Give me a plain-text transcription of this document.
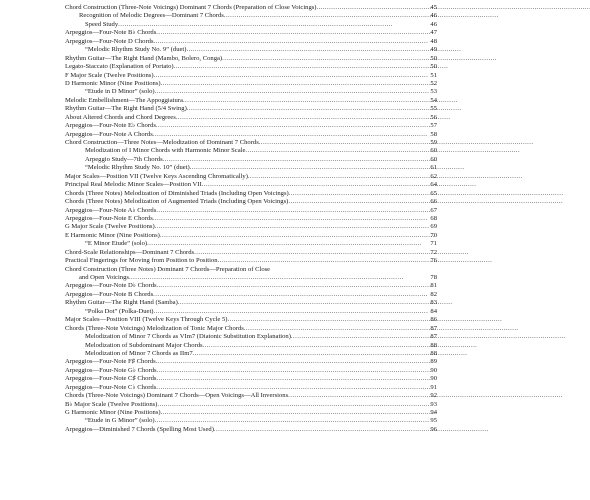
Chord Construction (Three-Note Voicings) Dominant 7 Chords (Preparation of Close Voicings) . . .	45
Recognition of Melodic Degrees—Dominant 7 Chords . . .	46
Speed Study . . .	46
Arpeggios—Four-Note B♭ Chords . . .	47
Arpeggios—Four-Note D Chords . . .	48
“Melodic Rhythm Study No. 9” (duet) . . .	49
Rhythm Guitar—The Right Hand (Mambo, Bolero, Conga) . . .	50
Legato-Staccato (Explanation of Portato) . . .	50
F Major Scale (Twelve Positions) . . .	51
D Harmonic Minor (Nine Positions) . . .	52
“Etude in D Minor” (solo) . . .	53
Melodic Embellishment—The Appoggiatura . . .	54
Rhythm Guitar—The Right Hand (5/4 Swing) . . .	55
About Altered Chords and Chord Degrees . . .	56
Arpeggios—Four-Note E♭ Chords . . .	57
Arpeggios—Four-Note A Chords . . .	58
Chord Construction—Three Notes—Melodization of Dominant 7 Chords . . .	59
Melodization of I Minor Chords with Harmonic Minor Scale . . .	60
Arpeggio Study—7th Chords . . .	60
“Melodic Rhythm Study No. 10” (duet) . . .	61
Major Scales—Position VII (Twelve Keys Ascending Chromatically) . . .	62
Principal Real Melodic Minor Scales—Position VII . . .	64
Chords (Three Notes) Melodization of Diminished Triads (Including Open Voicings) . . .	65
Chords (Three Notes) Melodization of Augmented Triads (Including Open Voicings) . . .	66
Arpeggios—Four-Note A♭ Chords . . .	67
Arpeggios—Four-Note E Chords . . .	68
G Major Scale (Twelve Positions) . . .	69
E Harmonic Minor (Nine Positions) . . .	70
“E Minor Etude” (solo) . . .	71
Chord-Scale Relationships—Dominant 7 Chords . . .	72
Practical Fingerings for Moving from Position to Position . . .	76
Chord Construction (Three Notes) Dominant 7 Chords—Preparation of Close
and Open Voicings . . .	78
Arpeggios—Four-Note D♭ Chords . . .	81
Arpeggios—Four-Note B Chords . . .	82
Rhythm Guitar—The Right Hand (Samba) . . .	83
“Polka Dot” (Polka-Duet) . . .	84
Major Scales—Position VIII (Twelve Keys Through Cycle 5) . . .	86
Chords (Three-Note Voicings) Melodization of Tonic Major Chords . . .	87
Melodization of Minor 7 Chords as VIm7 (Diatonic Substitution Explanation) . . .	87
Melodization of Subdominant Major Chords . . .	88
Melodization of Minor 7 Chords as IIm7 . . .	88
Arpeggios—Four-Note F♯ Chords . . .	89
Arpeggios—Four-Note G♭ Chords . . .	90
Arpeggios—Four-Note C♯ Chords . . .	90
Arpeggios—Four-Note C♭ Chords . . .	91
Chords (Three-Note Voicings) Dominant 7 Chords—Open Voicings—All Inversions . . .	92
B♭ Major Scale (Twelve Positions) . . .	93
G Harmonic Minor (Nine Positions) . . .	94
“Etude in G Minor” (solo) . . .	95
Arpeggios—Diminished 7 Chords (Spelling Most Used) . . .	96
